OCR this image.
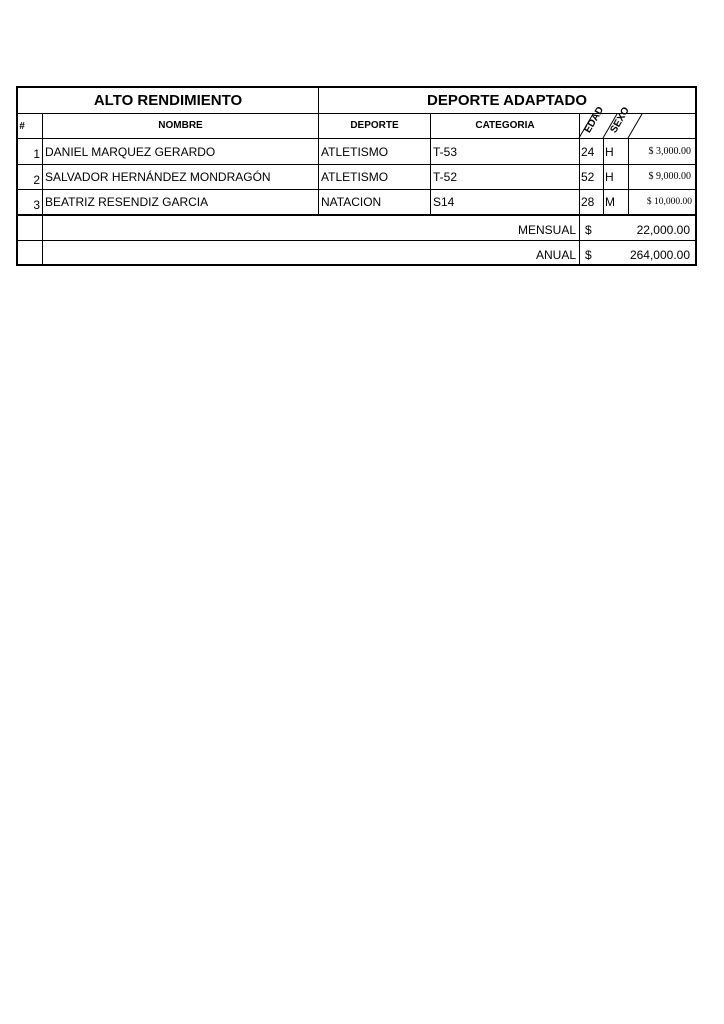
ALTO RENDIMIENTO	DEPORTE ADAPTADO
#	NOMBRE	DEPORTE	CATEGORIA	EDAD SEXO
1 DANIEL MARQUEZ GERARDO	ATLETISMO	T-53	24 H	$ 3,000.00
2 SALVADOR HERNÁNDEZ MONDRAGÓN	ATLETISMO	T-52	52 H	$ 9,000.00
3 BEATRIZ RESENDIZ GARCIA	NATACION	S14	28 M	$ 10,000.00
MENSUAL $	22,000.00
ANUAL $	264,000.00
